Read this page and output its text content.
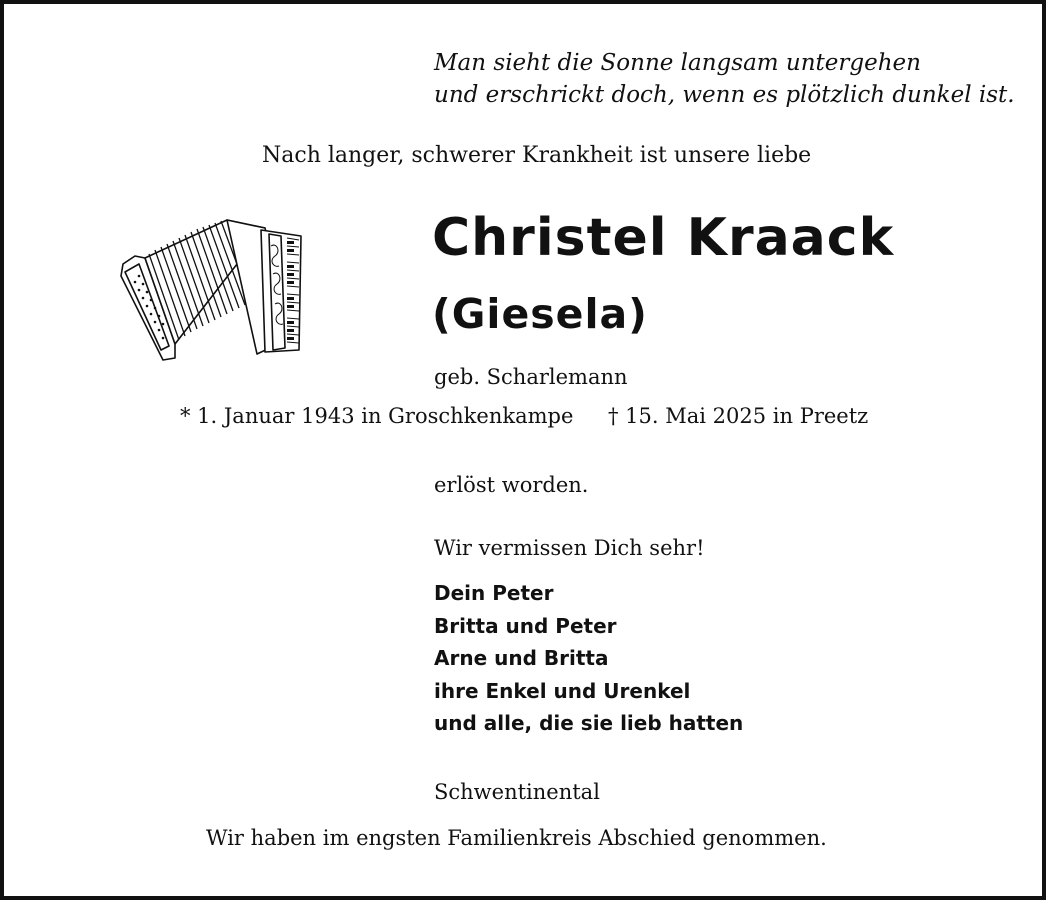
Man sieht die Sonne langsam untergehen
und erschrickt doch, wenn es plötzlich dunkel ist.
Nach langer, schwerer Krankheit ist unsere liebe
Christel Kraack
(Giesela)
geb. Scharlemann
* 1. Januar 1943 in Groschkenkampe † 15. Mai 2025 in Preetz
erlöst worden.
Wir vermissen Dich sehr!
Dein Peter
Britta und Peter
Arne und Britta
ihre Enkel und Urenkel
und alle, die sie lieb hatten
Schwentinental
Wir haben im engsten Familienkreis Abschied genommen.
